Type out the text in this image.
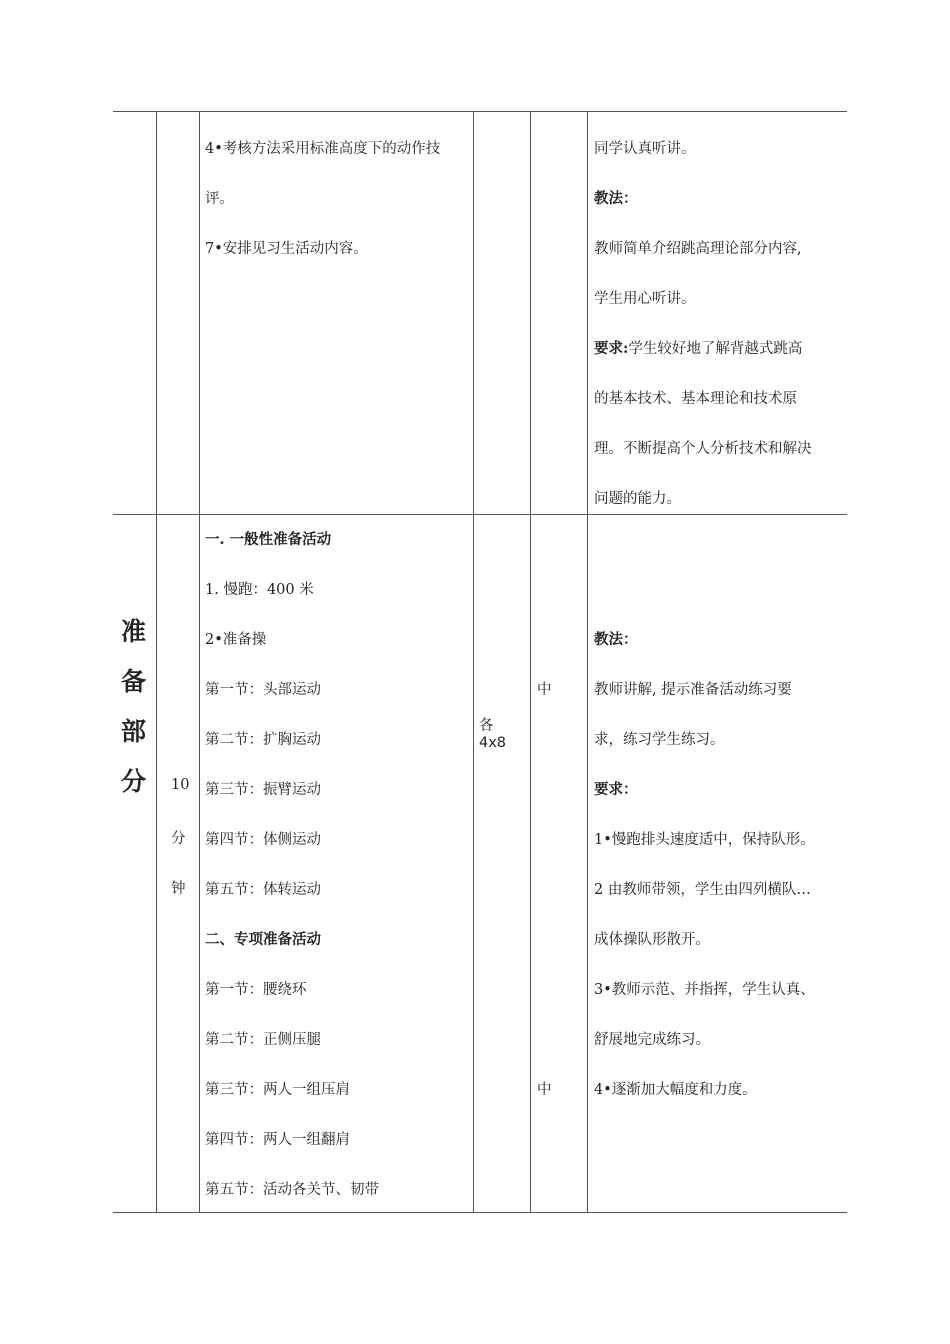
4•考核方法采用标准高度下的动作技
评。
7•安排见习生活动内容。
同学认真听讲。
教法：
教师简单介绍跳高理论部分内容,
学生用心听讲。
要求:学生较好地了解背越式跳高
的基本技术、基本理论和技术原
理。不断提高个人分析技术和解决
问题的能力。
准
备
部
分 10
分
钟
一. 一般性准备活动
1. 慢跑：400 米
2•准备操
第一节：头部运动
第二节：扩胸运动
第三节：振臂运动
第四节：体侧运动
第五节：体转运动
二、专项准备活动
第一节：腰绕环
第二节：正侧压腿
第三节：两人一组压肩
第四节：两人一组翻肩
第五节：活动各关节、韧带
各
4x8
中
中
教法：
教师讲解, 提示准备活动练习要
求，练习学生练习。
要求：
1•慢跑排头速度适中，保持队形。
2 由教师带领，学生由四列横队…
成体操队形散开。
3•教师示范、并指挥，学生认真、
舒展地完成练习。
4•逐渐加大幅度和力度。
